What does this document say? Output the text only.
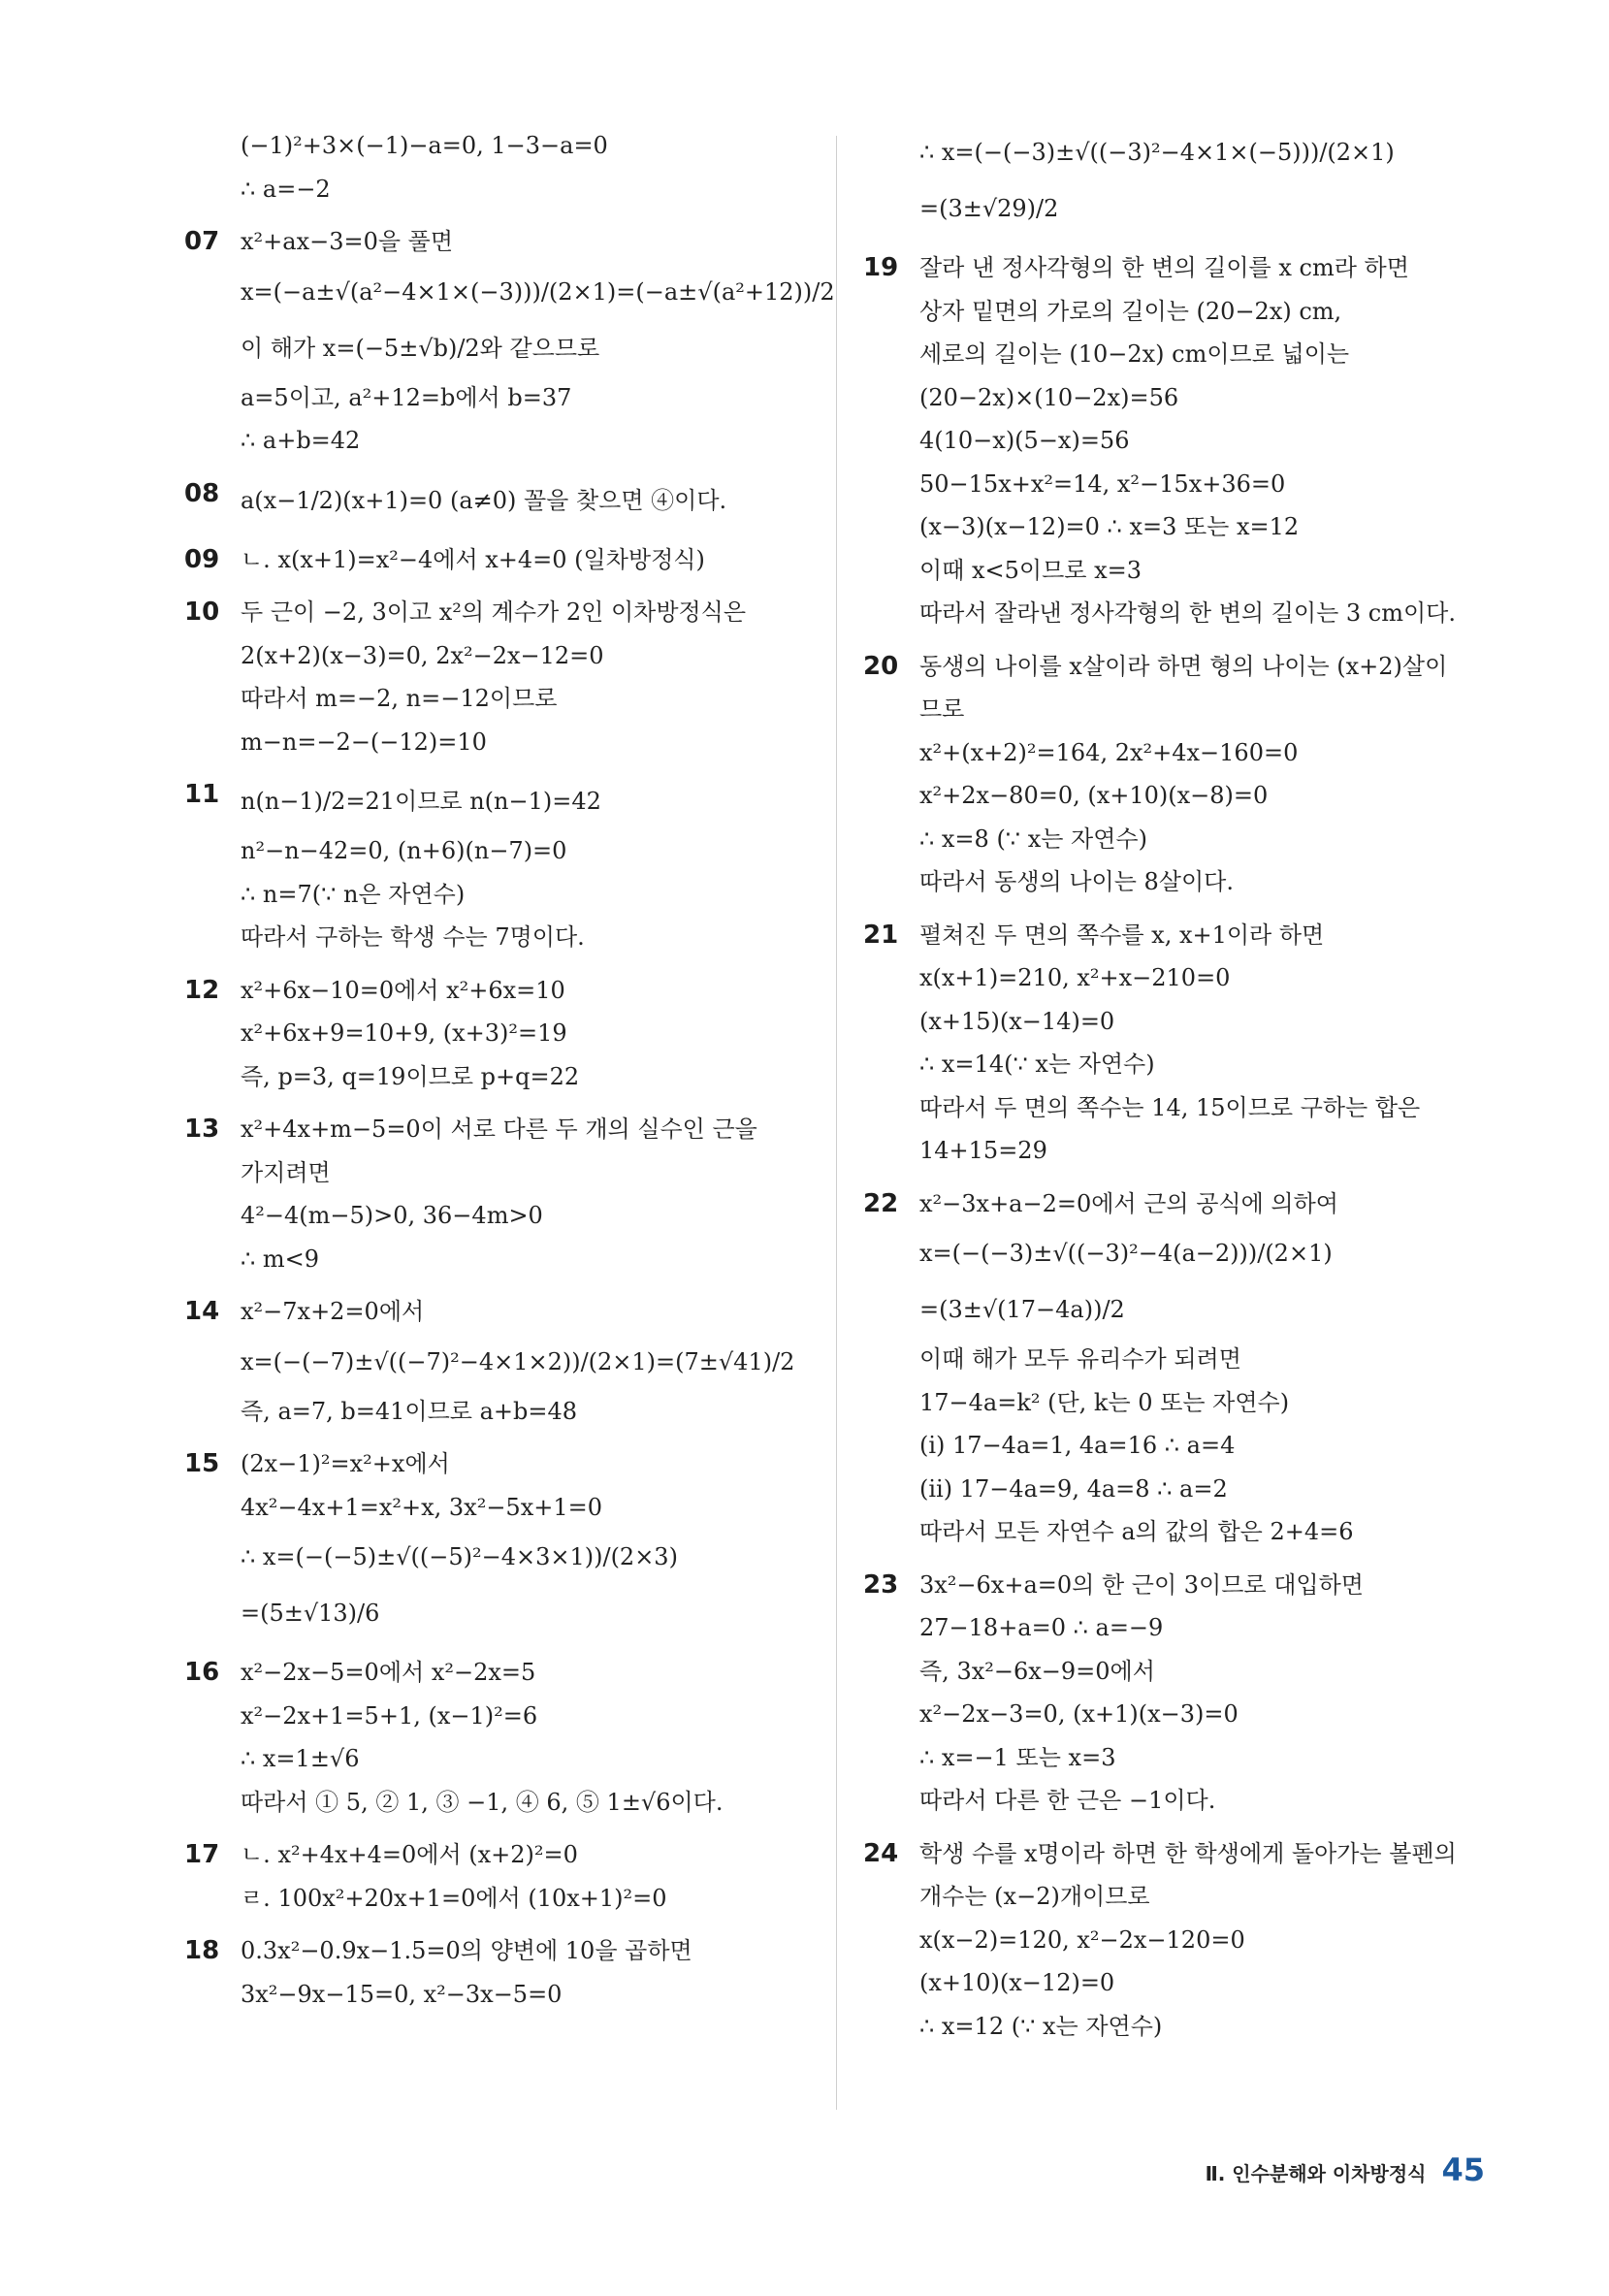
(−1)²+3×(−1)−a=0, 1−3−a=0
∴ a=−2
07 x²+ax−3=0을 풀면
x=(−a±√(a²−4×1×(−3)))/(2×1)=(−a±√(a²+12))/2
이 해가 x=(−5±√b)/2와 같으므로
a=5이고, a²+12=b에서 b=37
∴ a+b=42
08 a(x−1/2)(x+1)=0 (a≠0) 꼴을 찾으면 ④이다.
09 ㄴ. x(x+1)=x²−4에서 x+4=0 (일차방정식)
10 두 근이 −2, 3이고 x²의 계수가 2인 이차방정식은
2(x+2)(x−3)=0, 2x²−2x−12=0
따라서 m=−2, n=−12이므로
m−n=−2−(−12)=10
11 n(n−1)/2=21이므로 n(n−1)=42
n²−n−42=0, (n+6)(n−7)=0
∴ n=7(∵ n은 자연수)
따라서 구하는 학생 수는 7명이다.
12 x²+6x−10=0에서 x²+6x=10
x²+6x+9=10+9, (x+3)²=19
즉, p=3, q=19이므로 p+q=22
13 x²+4x+m−5=0이 서로 다른 두 개의 실수인 근을
가지려면
4²−4(m−5)>0, 36−4m>0
∴ m<9
14 x²−7x+2=0에서
x=(−(−7)±√((−7)²−4×1×2))/(2×1)=(7±√41)/2
즉, a=7, b=41이므로 a+b=48
15 (2x−1)²=x²+x에서
4x²−4x+1=x²+x, 3x²−5x+1=0
∴ x=(−(−5)±√((−5)²−4×3×1))/(2×3)
=(5±√13)/6
16 x²−2x−5=0에서 x²−2x=5
x²−2x+1=5+1, (x−1)²=6
∴ x=1±√6
따라서 ① 5, ② 1, ③ −1, ④ 6, ⑤ 1±√6이다.
17 ㄴ. x²+4x+4=0에서 (x+2)²=0
ㄹ. 100x²+20x+1=0에서 (10x+1)²=0
18 0.3x²−0.9x−1.5=0의 양변에 10을 곱하면
3x²−9x−15=0, x²−3x−5=0
∴ x=(−(−3)±√((−3)²−4×1×(−5)))/(2×1)
=(3±√29)/2
19 잘라 낸 정사각형의 한 변의 길이를 x cm라 하면
상자 밑면의 가로의 길이는 (20−2x) cm,
세로의 길이는 (10−2x) cm이므로 넓이는
(20−2x)×(10−2x)=56
4(10−x)(5−x)=56
50−15x+x²=14, x²−15x+36=0
(x−3)(x−12)=0 ∴ x=3 또는 x=12
이때 x<5이므로 x=3
따라서 잘라낸 정사각형의 한 변의 길이는 3 cm이다.
20 동생의 나이를 x살이라 하면 형의 나이는 (x+2)살이
므로
x²+(x+2)²=164, 2x²+4x−160=0
x²+2x−80=0, (x+10)(x−8)=0
∴ x=8 (∵ x는 자연수)
따라서 동생의 나이는 8살이다.
21 펼쳐진 두 면의 쪽수를 x, x+1이라 하면
x(x+1)=210, x²+x−210=0
(x+15)(x−14)=0
∴ x=14(∵ x는 자연수)
따라서 두 면의 쪽수는 14, 15이므로 구하는 합은
14+15=29
22 x²−3x+a−2=0에서 근의 공식에 의하여
x=(−(−3)±√((−3)²−4(a−2)))/(2×1)
=(3±√(17−4a))/2
이때 해가 모두 유리수가 되려면
17−4a=k² (단, k는 0 또는 자연수)
(ⅰ) 17−4a=1, 4a=16 ∴ a=4
(ⅱ) 17−4a=9, 4a=8 ∴ a=2
따라서 모든 자연수 a의 값의 합은 2+4=6
23 3x²−6x+a=0의 한 근이 3이므로 대입하면
27−18+a=0 ∴ a=−9
즉, 3x²−6x−9=0에서
x²−2x−3=0, (x+1)(x−3)=0
∴ x=−1 또는 x=3
따라서 다른 한 근은 −1이다.
24 학생 수를 x명이라 하면 한 학생에게 돌아가는 볼펜의
개수는 (x−2)개이므로
x(x−2)=120, x²−2x−120=0
(x+10)(x−12)=0
∴ x=12 (∵ x는 자연수)
Ⅱ. 인수분해와 이차방정식 45
